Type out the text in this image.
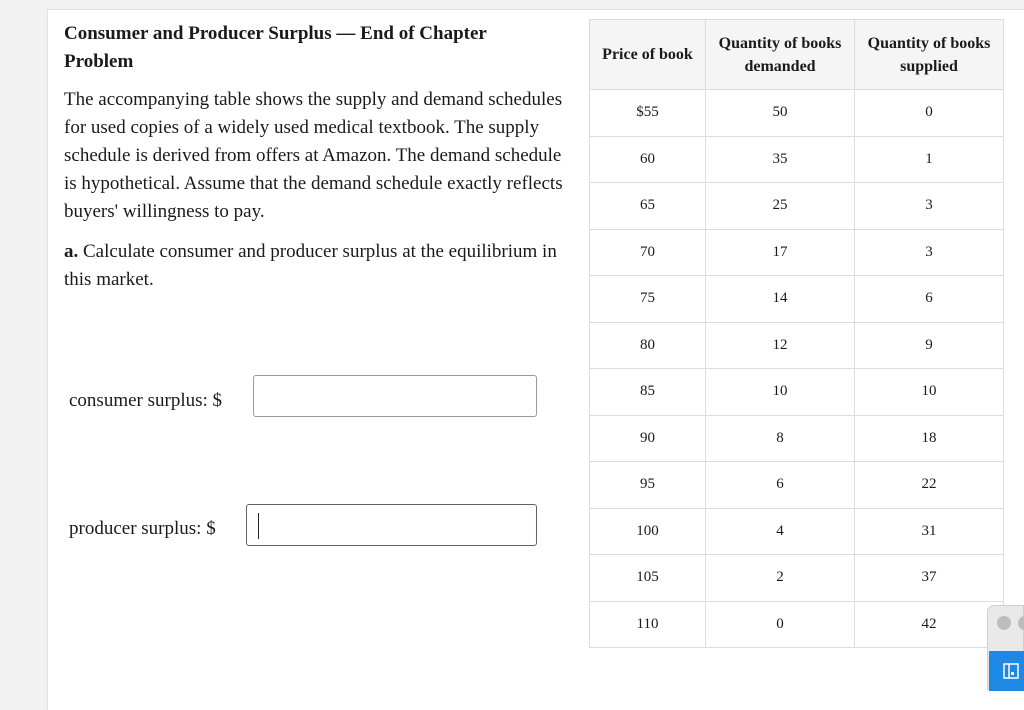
Consumer and Producer Surplus — End of Chapter Problem
The accompanying table shows the supply and demand schedules for used copies of a widely used medical textbook. The supply schedule is derived from offers at Amazon. The demand schedule is hypothetical. Assume that the demand schedule exactly reflects buyers' willingness to pay.
a. Calculate consumer and producer surplus at the equilibrium in this market.
consumer surplus: $
producer surplus: $
Price of book	Quantity of books demanded	Quantity of books supplied
$55	50	0
60	35	1
65	25	3
70	17	3
75	14	6
80	12	9
85	10	10
90	8	18
95	6	22
100	4	31
105	2	37
110	0	42
